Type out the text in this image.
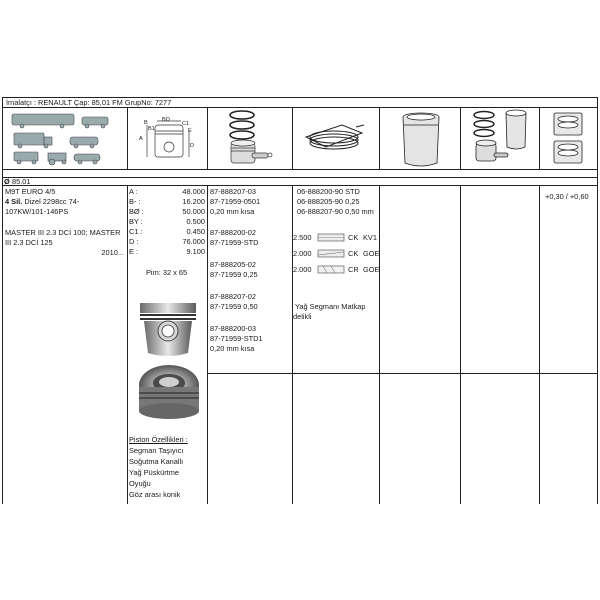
İmalatçı : RENAULT Çap: 85,01 FM GrupNo: 7277
B
B1
BD
C1
E
A
D
Ø 85.01
M9T EURO 4/5
4 Sil. Dizel 2298cc 74-
107KW/101-146PS
MASTER III 2.3 DCİ 100; MASTER
III 2.3 DCİ 125
2010...
A :	48.000
B- :	16.200
BØ :	50.000
BY :	0.500
C1 :	0.450
D :	76.000
E :	9.100
Pim: 32 x 65
Piston Özellikleri :
Segman Taşıyıcı
Soğutma Kanallı
Yağ Püskürtme
Oyuğu
Göz arası konik
87-888207-03
87-71959-0501
0,20 mm kısa
87-888200-02
87-71959-STD
87-888205-02
87-71959 0,25
87-888207-02
87-71959 0,50
87-888200-03
87-71959-STD1
0,20 mm kısa
06-888200-90 STD
06-888205-90 0,25
06-888207-90 0,50 mm
2.500	CK KV1
2.000	CK GOE
2.000	CR GOE
Yağ Segmanı Matkap
delikli
+0,30 / +0,60
